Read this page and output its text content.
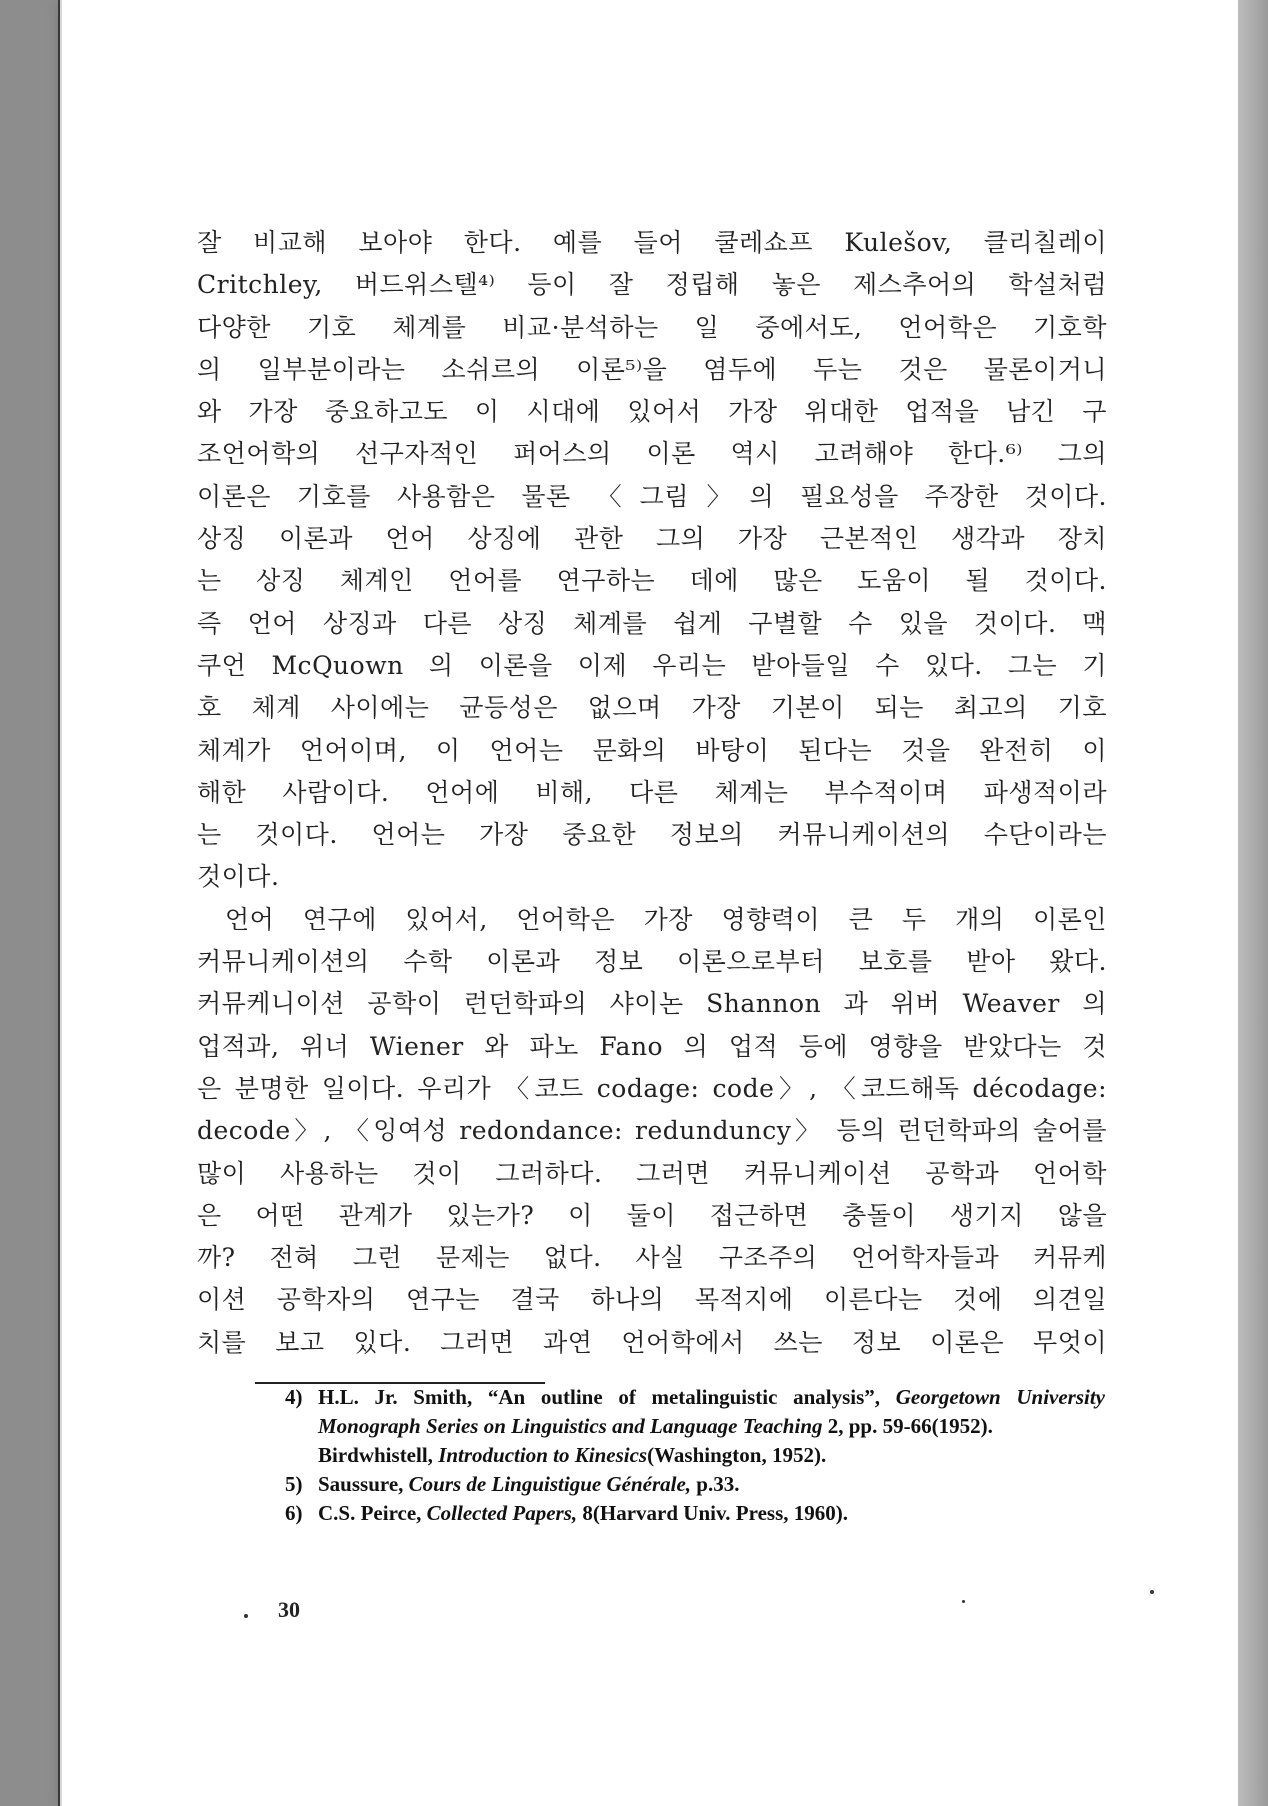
잘 비교해 보아야 한다. 예를 들어 쿨레쇼프 Kulešov, 클리칠레이
Critchley, 버드위스텔⁴⁾ 등이 잘 정립해 놓은 제스추어의 학설처럼
다양한 기호 체계를 비교·분석하는 일 중에서도, 언어학은 기호학
의 일부분이라는 소쉬르의 이론⁵⁾을 염두에 두는 것은 물론이거니
와 가장 중요하고도 이 시대에 있어서 가장 위대한 업적을 남긴 구
조언어학의 선구자적인 퍼어스의 이론 역시 고려해야 한다.⁶⁾ 그의
이론은 기호를 사용함은 물론 〈그림〉의 필요성을 주장한 것이다.
상징 이론과 언어 상징에 관한 그의 가장 근본적인 생각과 장치
는 상징 체계인 언어를 연구하는 데에 많은 도움이 될 것이다.
즉 언어 상징과 다른 상징 체계를 쉽게 구별할 수 있을 것이다. 맥
쿠언 McQuown 의 이론을 이제 우리는 받아들일 수 있다. 그는 기
호 체계 사이에는 균등성은 없으며 가장 기본이 되는 최고의 기호
체계가 언어이며, 이 언어는 문화의 바탕이 된다는 것을 완전히 이
해한 사람이다. 언어에 비해, 다른 체계는 부수적이며 파생적이라
는 것이다. 언어는 가장 중요한 정보의 커뮤니케이션의 수단이라는
것이다.
언어 연구에 있어서, 언어학은 가장 영향력이 큰 두 개의 이론인
커뮤니케이션의 수학 이론과 정보 이론으로부터 보호를 받아 왔다.
커뮤케니이션 공학이 런던학파의 샤이논 Shannon 과 위버 Weaver 의
업적과, 위너 Wiener 와 파노 Fano 의 업적 등에 영향을 받았다는 것
은 분명한 일이다. 우리가 〈코드 codage: code〉, 〈코드해독 décodage:
decode〉, 〈잉여성 redondance: redunduncy〉 등의 런던학파의 술어를
많이 사용하는 것이 그러하다. 그러면 커뮤니케이션 공학과 언어학
은 어떤 관계가 있는가? 이 둘이 접근하면 충돌이 생기지 않을
까? 전혀 그런 문제는 없다. 사실 구조주의 언어학자들과 커뮤케
이션 공학자의 연구는 결국 하나의 목적지에 이른다는 것에 의견일
치를 보고 있다. 그러면 과연 언어학에서 쓰는 정보 이론은 무엇이
4) H.L. Jr. Smith, “An outline of metalinguistic analysis”, Georgetown University Monograph Series on Linguistics and Language Teaching 2, pp. 59-66(1952).
Birdwhistell, Introduction to Kinesics(Washington, 1952).
5) Saussure, Cours de Linguistigue Générale, p.33.
6) C.S. Peirce, Collected Papers, 8(Harvard Univ. Press, 1960).
30
